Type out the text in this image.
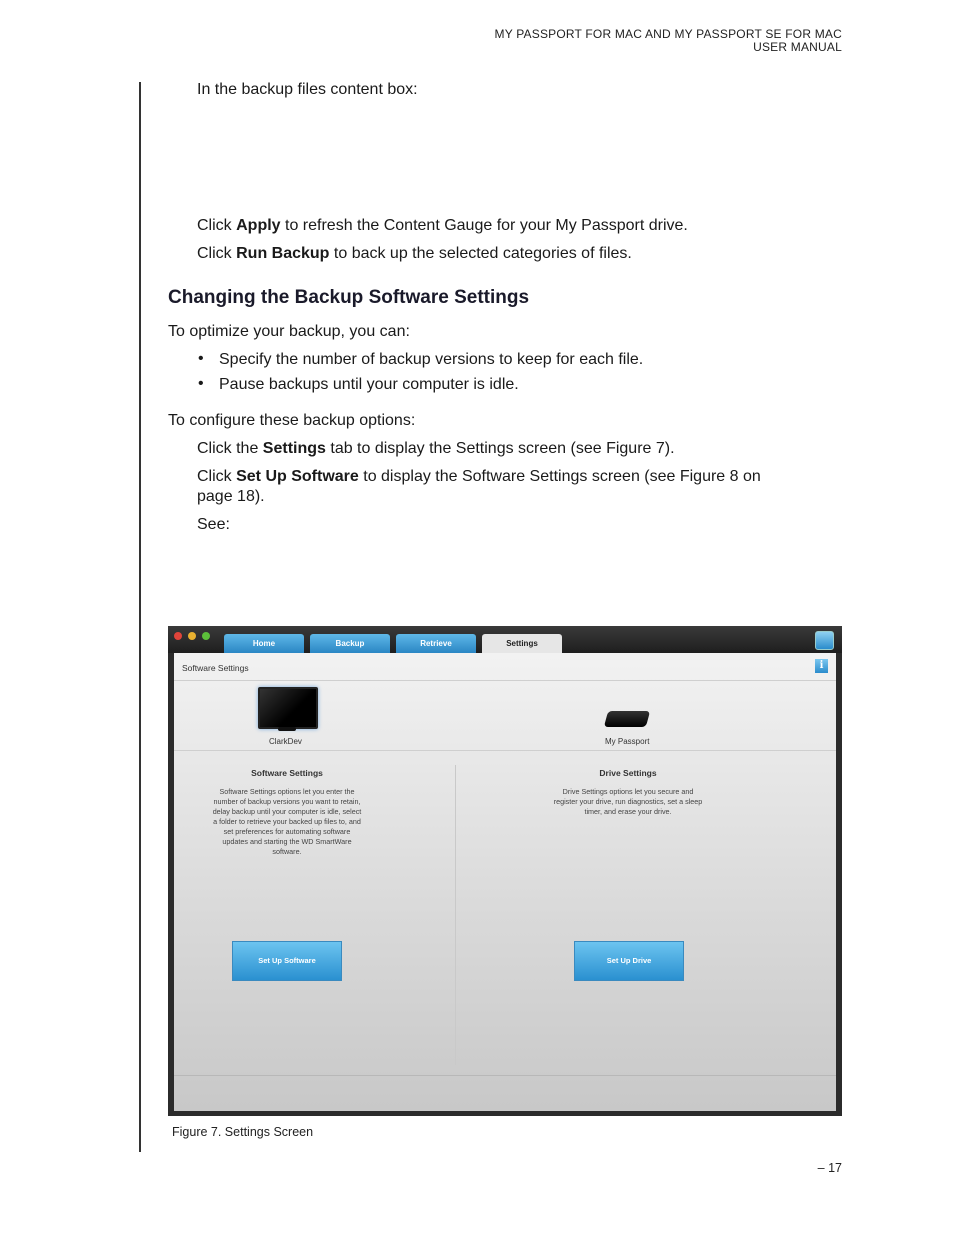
MY PASSPORT FOR MAC AND MY PASSPORT SE FOR MAC
USER MANUAL
In the backup files content box:
Click Apply to refresh the Content Gauge for your My Passport drive.
Click Run Backup to back up the selected categories of files.
Changing the Backup Software Settings
To optimize your backup, you can:
• Specify the number of backup versions to keep for each file.
• Pause backups until your computer is idle.
To configure these backup options:
Click the Settings tab to display the Settings screen (see Figure 7).
Click Set Up Software to display the Software Settings screen (see Figure 8 on
page 18).
See:
Home	Backup	Retrieve	Settings
Software Settings	i
ClarkDev	My Passport
Software Settings
Software Settings options let you enter the number of backup versions you want to retain, delay backup until your computer is idle, select a folder to retrieve your backed up files to, and set preferences for automating software updates and starting the WD SmartWare software.
Set Up Software
Drive Settings
Drive Settings options let you secure and register your drive, run diagnostics, set a sleep timer, and erase your drive.
Set Up Drive
Figure 7. Settings Screen
– 17
